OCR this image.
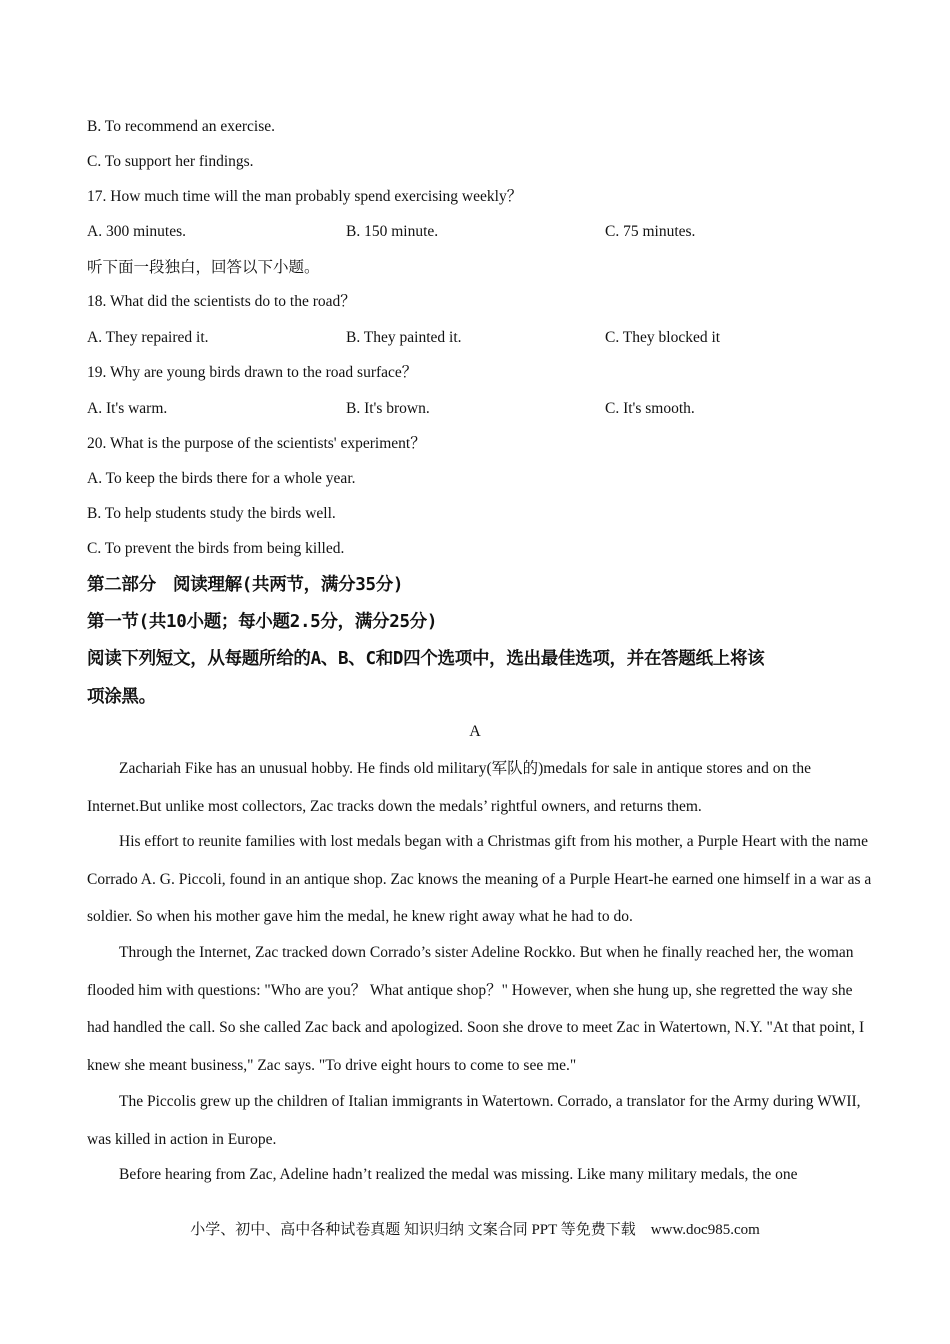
B. To recommend an exercise.
C. To support her findings.
17. How much time will the man probably spend exercising weekly？
A. 300 minutes.	B. 150 minute.	C. 75 minutes.
听下面一段独白，回答以下小题。
18. What did the scientists do to the road？
A. They repaired it.	B. They painted it.	C. They blocked it
19. Why are young birds drawn to the road surface？
A. It's warm.	B. It's brown.	C. It's smooth.
20. What is the purpose of the scientists' experiment？
A. To keep the birds there for a whole year.
B. To help students study the birds well.
C. To prevent the birds from being killed.
第二部分　阅读理解(共两节，满分35分)
第一节(共10小题；每小题2.5分，满分25分)
阅读下列短文，从每题所给的A、B、C和D四个选项中，选出最佳选项，并在答题纸上将该
项涂黑。
A
Zachariah Fike has an unusual hobby. He finds old military(军队的)medals for sale in antique stores and on the Internet.But unlike most collectors, Zac tracks down the medals’ rightful owners, and returns them.
His effort to reunite families with lost medals began with a Christmas gift from his mother, a Purple Heart with the name Corrado A. G. Piccoli, found in an antique shop. Zac knows the meaning of a Purple Heart-he earned one himself in a war as a soldier. So when his mother gave him the medal, he knew right away what he had to do.
Through the Internet, Zac tracked down Corrado’s sister Adeline Rockko. But when he finally reached her, the woman flooded him with questions: "Who are you？ What antique shop？" However, when she hung up, she regretted the way she had handled the call. So she called Zac back and apologized. Soon she drove to meet Zac in Watertown, N.Y. "At that point, I knew she meant business," Zac says. "To drive eight hours to come to see me."
The Piccolis grew up the children of Italian immigrants in Watertown. Corrado, a translator for the Army during WWII, was killed in action in Europe.
Before hearing from Zac, Adeline hadn’t realized the medal was missing. Like many military medals, the one
小学、初中、高中各种试卷真题 知识归纳 文案合同 PPT 等免费下载　www.doc985.com
